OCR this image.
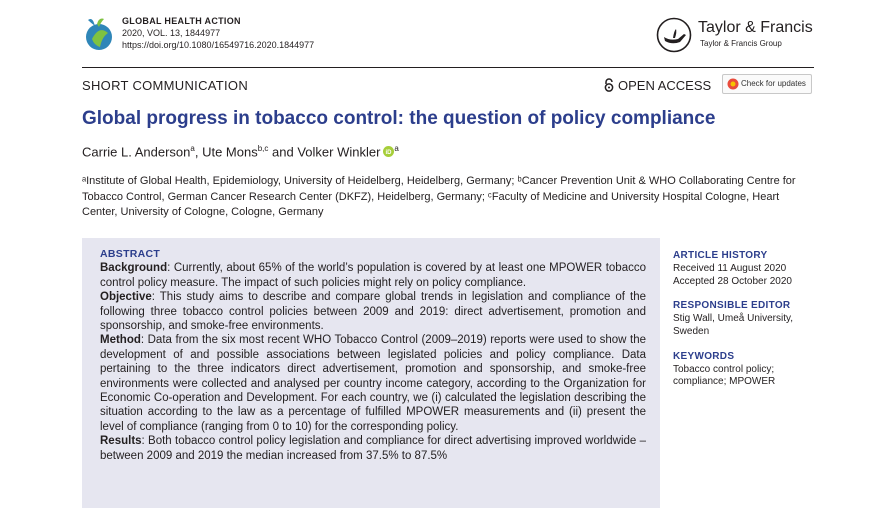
GLOBAL HEALTH ACTION
2020, VOL. 13, 1844977
https://doi.org/10.1080/16549716.2020.1844977
Taylor & Francis
Taylor & Francis Group
SHORT COMMUNICATION	OPEN ACCESS	Check for updates
Global progress in tobacco control: the question of policy compliance
Carrie L. Anderson$^a$, Ute Mons$^{b,c}$ and Volker Winkler iD
$^a$
ᵃInstitute of Global Health, Epidemiology, University of Heidelberg, Heidelberg, Germany; ᵇCancer Prevention Unit & WHO Collaborating Centre for Tobacco Control, German Cancer Research Center (DKFZ), Heidelberg, Germany; ᶜFaculty of Medicine and University Hospital Cologne, Heart Center, University of Cologne, Cologne, Germany
ABSTRACT

Background: Currently, about 65% of the world’s population is covered by at least one MPOWER tobacco control policy measure. The impact of such policies might rely on policy compliance.

Objective: This study aims to describe and compare global trends in legislation and compliance of the following three tobacco control policies between 2009 and 2019: direct advertisement, promotion and sponsorship, and smoke-free environments.

Method: Data from the six most recent WHO Tobacco Control (2009–2019) reports were used to show the development of and possible associations between legislated policies and policy compliance. Data pertaining to the three indicators direct advertisement, promotion and sponsorship, and smoke-free environments were collected and analysed per country income category, according to the Organization for Economic Co-operation and Development. For each country, we (i) calculated the legislation describing the situation according to the law as a percentage of fulfilled MPOWER measurements and (ii) present the level of compliance (ranging from 0 to 10) for the corresponding policy.

Results: Both tobacco control policy legislation and compliance for direct advertising improved worldwide – between 2009 and 2019 the median increased from 37.5% to 87.5%

ARTICLE HISTORY
Received 11 August 2020
Accepted 28 October 2020
RESPONSIBLE EDITOR
Stig Wall, Umeå University, Sweden
KEYWORDS
Tobacco control policy; compliance; MPOWER
